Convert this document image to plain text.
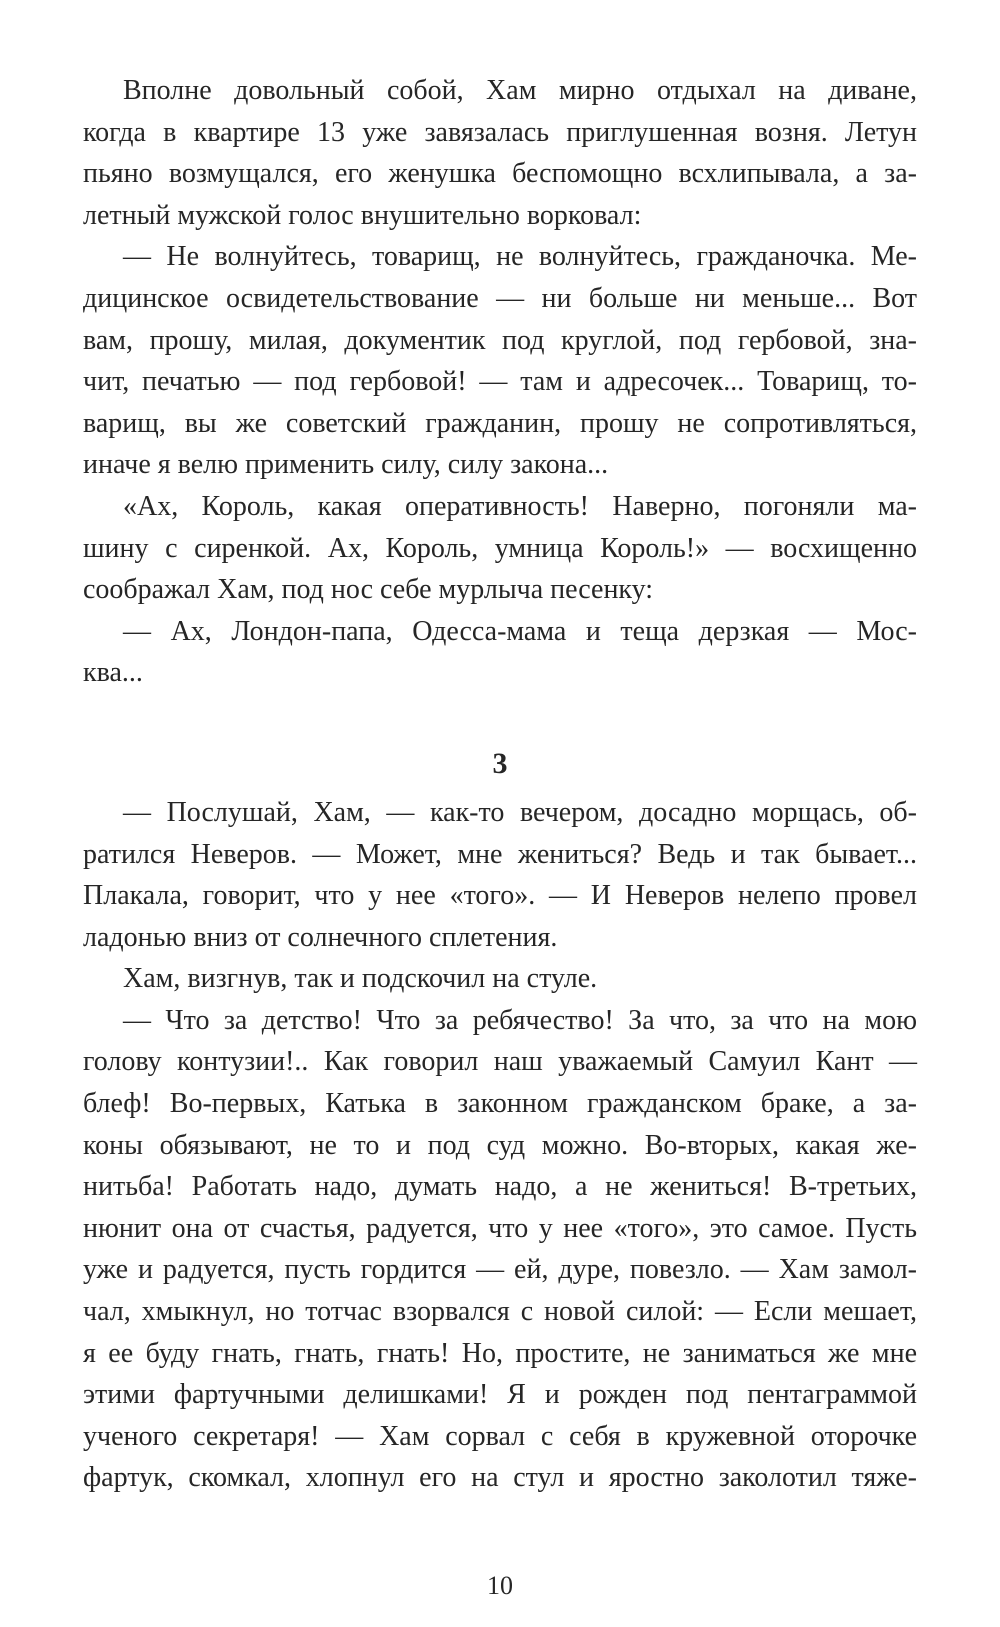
Вполне довольный собой, Хам мирно отдыхал на диване,
когда в квартире 13 уже завязалась приглушенная возня. Летун
пьяно возмущался, его женушка беспомощно всхлипывала, а за-
летный мужской голос внушительно ворковал:
— Не волнуйтесь, товарищ, не волнуйтесь, гражданочка. Ме-
дицинское освидетельствование — ни больше ни меньше... Вот
вам, прошу, милая, документик под круглой, под гербовой, зна-
чит, печатью — под гербовой! — там и адресочек... Товарищ, то-
варищ, вы же советский гражданин, прошу не сопротивляться,
иначе я велю применить силу, силу закона...
«Ах, Король, какая оперативность! Наверно, погоняли ма-
шину с сиренкой. Ах, Король, умница Король!» — восхищенно
соображал Хам, под нос себе мурлыча песенку:
— Ах, Лондон-папа, Одесса-мама и теща дерзкая — Мос-
ква...
3
— Послушай, Хам, — как-то вечером, досадно морщась, об-
ратился Неверов. — Может, мне жениться? Ведь и так бывает...
Плакала, говорит, что у нее «того». — И Неверов нелепо провел
ладонью вниз от солнечного сплетения.
Хам, визгнув, так и подскочил на стуле.
— Что за детство! Что за ребячество! За что, за что на мою
голову контузии!.. Как говорил наш уважаемый Самуил Кант —
блеф! Во-первых, Катька в законном гражданском браке, а за-
коны обязывают, не то и под суд можно. Во-вторых, какая же-
нитьба! Работать надо, думать надо, а не жениться! В-третьих,
нюнит она от счастья, радуется, что у нее «того», это самое. Пусть
уже и радуется, пусть гордится — ей, дуре, повезло. — Хам замол-
чал, хмыкнул, но тотчас взорвался с новой силой: — Если мешает,
я ее буду гнать, гнать, гнать! Но, простите, не заниматься же мне
этими фартучными делишками! Я и рожден под пентаграммой
ученого секретаря! — Хам сорвал с себя в кружевной оторочке
фартук, скомкал, хлопнул его на стул и яростно заколотил тяже-
10
